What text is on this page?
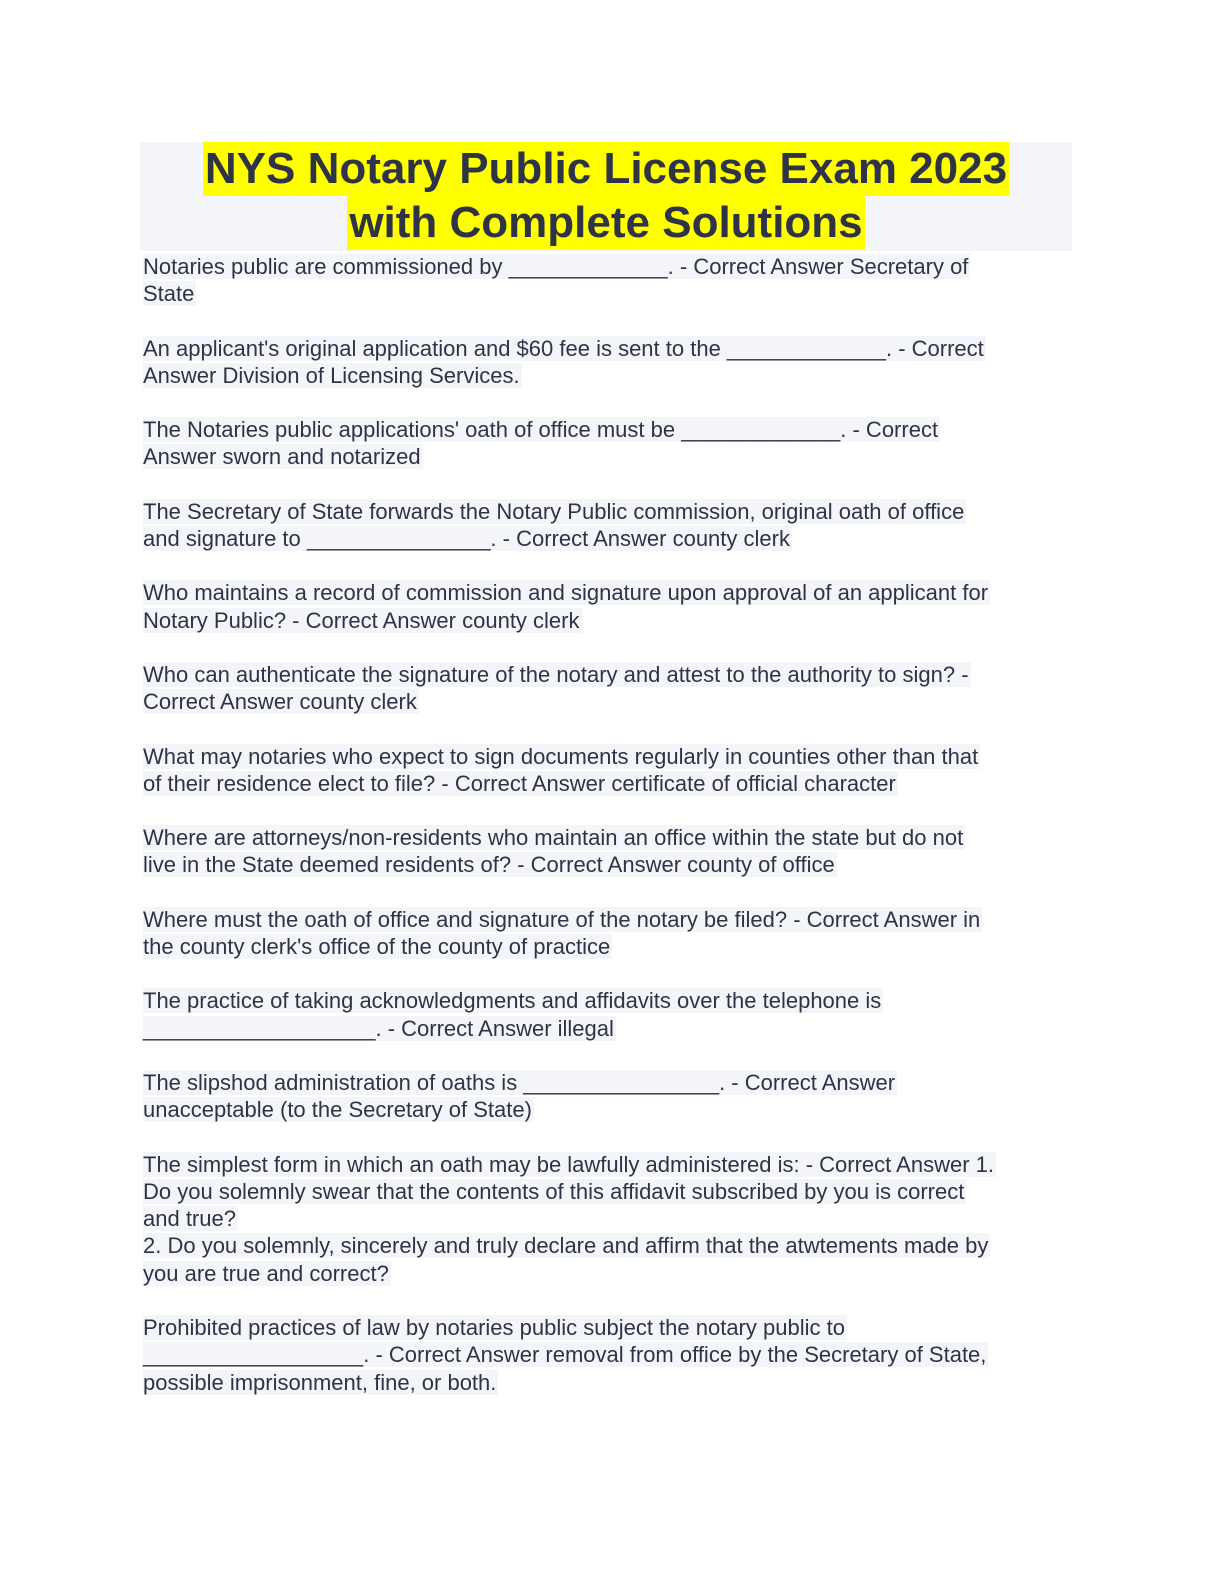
NYS Notary Public License Exam 2023
with Complete Solutions
Notaries public are commissioned by _____________. - Correct Answer Secretary of
State
An applicant's original application and $60 fee is sent to the _____________. - Correct
Answer Division of Licensing Services.
The Notaries public applications' oath of office must be _____________. - Correct
Answer sworn and notarized
The Secretary of State forwards the Notary Public commission, original oath of office
and signature to _______________. - Correct Answer county clerk
Who maintains a record of commission and signature upon approval of an applicant for
Notary Public? - Correct Answer county clerk
Who can authenticate the signature of the notary and attest to the authority to sign? -
Correct Answer county clerk
What may notaries who expect to sign documents regularly in counties other than that
of their residence elect to file? - Correct Answer certificate of official character
Where are attorneys/non-residents who maintain an office within the state but do not
live in the State deemed residents of? - Correct Answer county of office
Where must the oath of office and signature of the notary be filed? - Correct Answer in
the county clerk's office of the county of practice
The practice of taking acknowledgments and affidavits over the telephone is
___________________. - Correct Answer illegal
The slipshod administration of oaths is ________________. - Correct Answer
unacceptable (to the Secretary of State)
The simplest form in which an oath may be lawfully administered is: - Correct Answer 1.
Do you solemnly swear that the contents of this affidavit subscribed by you is correct
and true?
2. Do you solemnly, sincerely and truly declare and affirm that the atwtements made by
you are true and correct?
Prohibited practices of law by notaries public subject the notary public to
__________________. - Correct Answer removal from office by the Secretary of State,
possible imprisonment, fine, or both.
